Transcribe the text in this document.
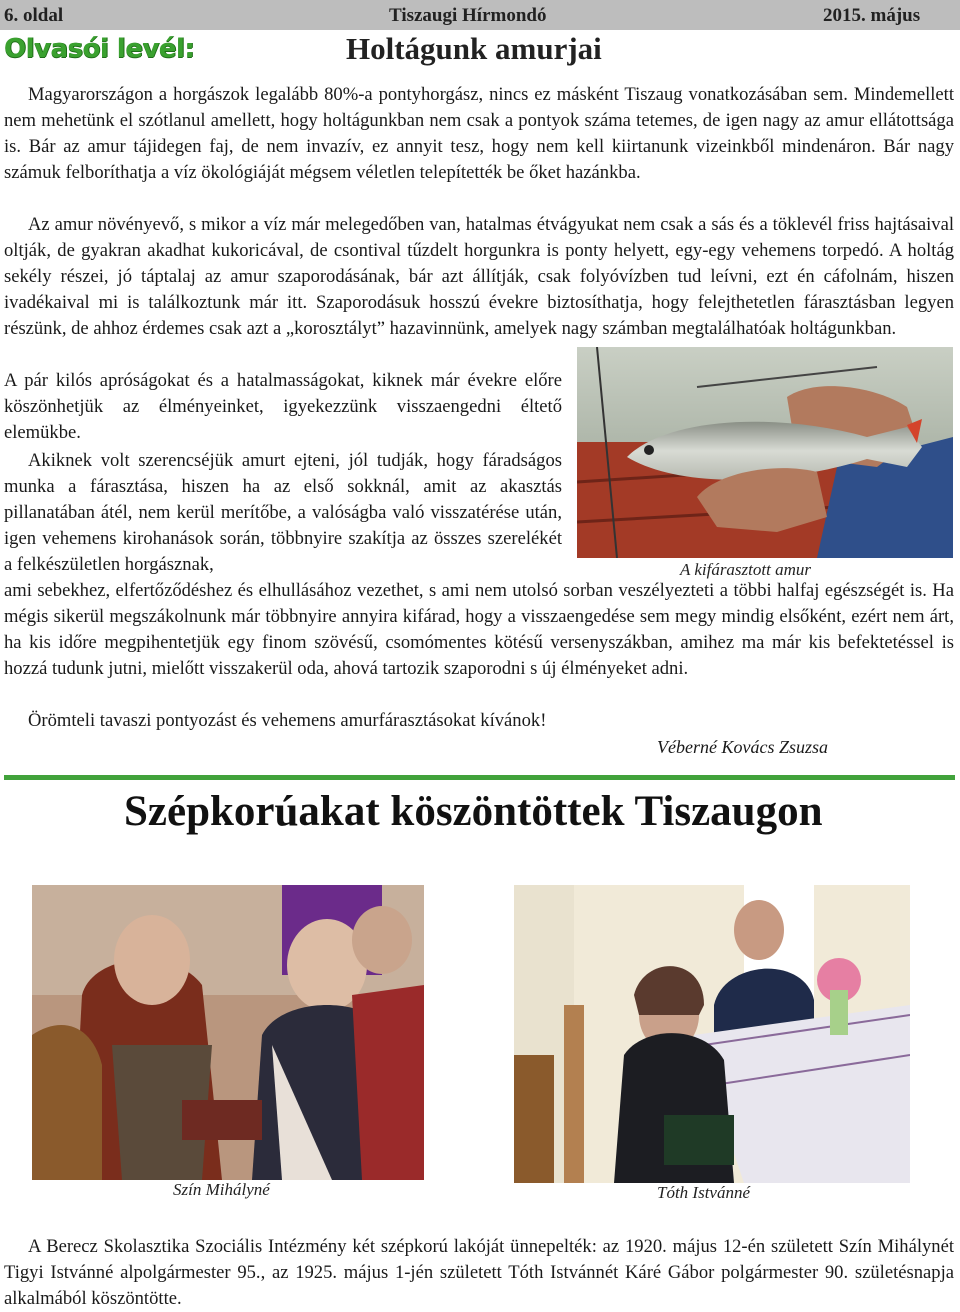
6. oldal	Tiszaugi Hírmondó	2015. május
Olvasói levél:	Holtágunk amurjai

Magyarországon a horgászok legalább 80%-a pontyhorgász, nincs ez másként Tiszaug vonatkozásában sem. Mindemellett nem mehetünk el szótlanul amellett, hogy holtágunkban nem csak a pontyok száma tetemes, de igen nagy az amur ellátottsága is. Bár az amur tájidegen faj, de nem invazív, ez annyit tesz, hogy nem kell kiirtanunk vizeinkből mindenáron. Bár nagy számuk felboríthatja a víz ökológiáját mégsem véletlen telepítették be őket hazánkba.

Az amur növényevő, s mikor a víz már melegedőben van, hatalmas étvágyukat nem csak a sás és a töklevél friss hajtásaival oltják, de gyakran akadhat kukoricával, de csontival tűzdelt horgunkra is ponty helyett, egy-egy vehemens torpedó. A holtág sekély részei, jó táptalaj az amur szaporodásának, bár azt állítják, csak folyóvízben tud leívni, ezt én cáfolnám, hiszen ivadékaival mi is találkoztunk már itt. Szaporodásuk hosszú évekre biztosíthatja, hogy felejthetetlen fárasztásban legyen részünk, de ahhoz érdemes csak azt a „korosztályt” hazavinnünk, amelyek nagy számban megtalálhatóak holtágunkban.

A pár kilós apróságokat és a hatalmasságokat, kiknek már évekre előre köszönhetjük az élményeinket, igyekezzünk visszaengedni éltető elemükbe.

Akiknek volt szerencséjük amurt ejteni, jól tudják, hogy fáradságos munka a fárasztása, hiszen ha az első sokknál, amit az akasztás pillanatában átél, nem kerül merítőbe, a valóságba való visszatérése után, igen vehemens kirohanások során, többnyire szakítja az összes szerelékét a felkészületlen horgásznak,

ami sebekhez, elfertőződéshez és elhullásához vezethet, s ami nem utolsó sorban veszélyezteti a többi halfaj egészségét is. Ha mégis sikerül megszákolnunk már többnyire annyira kifárad, hogy a visszaengedése sem megy mindig elsőként, ezért nem árt, ha kis időre megpihentetjük egy finom szövésű, csomómentes kötésű versenyszákban, amihez ma már kis befektetéssel is hozzá tudunk jutni, mielőtt visszakerül oda, ahová tartozik szaporodni s új élményeket adni.

Örömteli tavaszi pontyozást és vehemens amurfárasztásokat kívánok!

A kifárasztott amur
Véberné Kovács Zsuzsa
Szépkorúakat köszöntöttek Tiszaugon
Szín Mihályné	Tóth Istvánné

A Berecz Skolasztika Szociális Intézmény két szépkorú lakóját ünnepelték: az 1920. május 12-én született Szín Mihálynét Tigyi Istvánné alpolgármester 95., az 1925. május 1-jén született Tóth Istvánnét Káré Gábor polgármester 90. születésnapja alkalmából köszöntötte.
